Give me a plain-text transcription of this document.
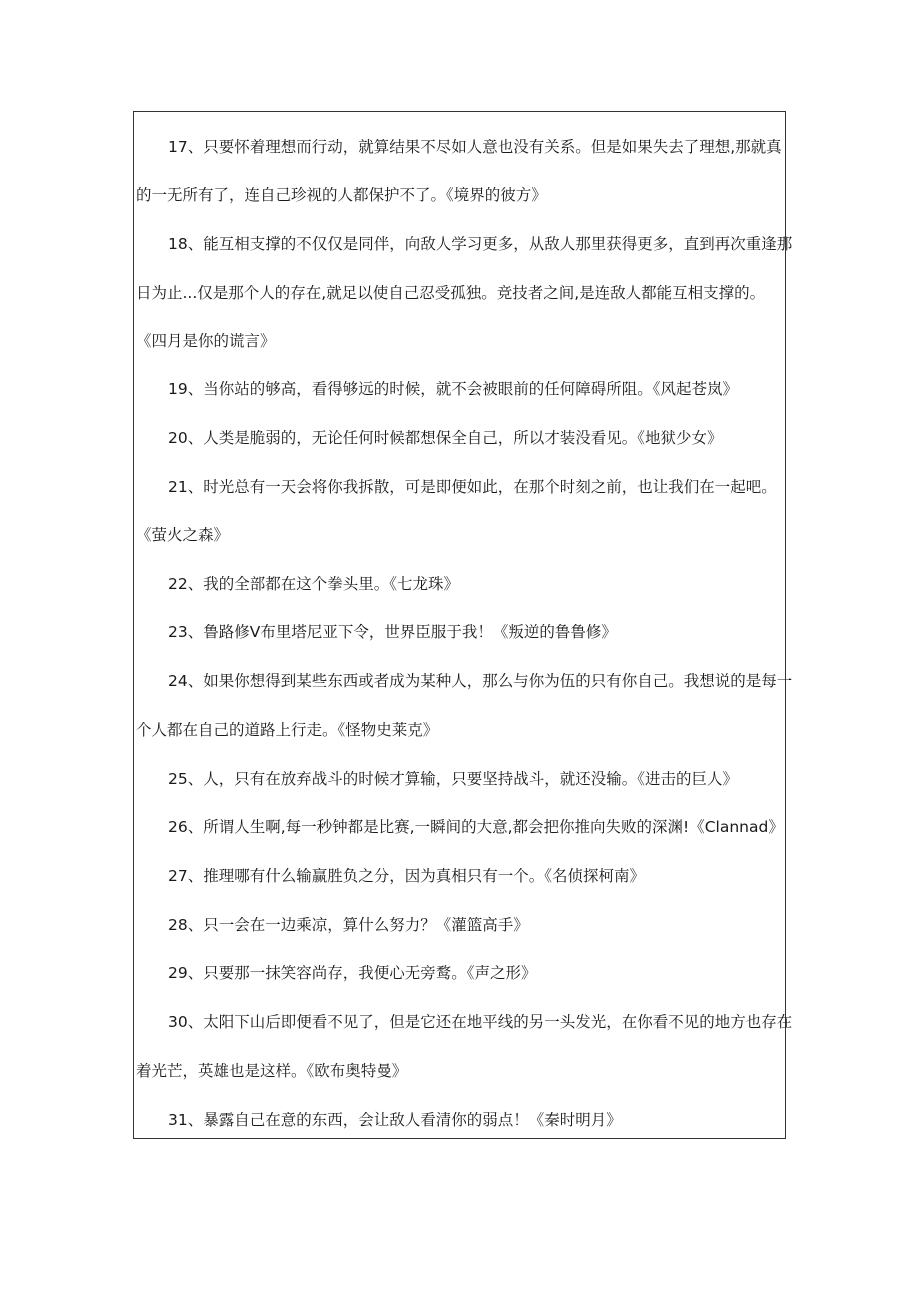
17、只要怀着理想而行动，就算结果不尽如人意也没有关系。但是如果失去了理想,那就真
的一无所有了，连自己珍视的人都保护不了。《境界的彼方》
18、能互相支撑的不仅仅是同伴，向敌人学习更多，从敌人那里获得更多，直到再次重逢那
日为止...仅是那个人的存在,就足以使自己忍受孤独。竞技者之间,是连敌人都能互相支撑的。
《四月是你的谎言》
19、当你站的够高，看得够远的时候，就不会被眼前的任何障碍所阻。《风起苍岚》
20、人类是脆弱的，无论任何时候都想保全自己，所以才装没看见。《地狱少女》
21、时光总有一天会将你我拆散，可是即便如此，在那个时刻之前，也让我们在一起吧。
《萤火之森》
22、我的全部都在这个拳头里。《七龙珠》
23、鲁路修V布里塔尼亚下令，世界臣服于我！《叛逆的鲁鲁修》
24、如果你想得到某些东西或者成为某种人，那么与你为伍的只有你自己。我想说的是每一
个人都在自己的道路上行走。《怪物史莱克》
25、人，只有在放弃战斗的时候才算输，只要坚持战斗，就还没输。《进击的巨人》
26、所谓人生啊,每一秒钟都是比赛,一瞬间的大意,都会把你推向失败的深渊!《Clannad》
27、推理哪有什么输赢胜负之分，因为真相只有一个。《名侦探柯南》
28、只一会在一边乘凉，算什么努力？《灌篮高手》
29、只要那一抹笑容尚存，我便心无旁鹜。《声之形》
30、太阳下山后即便看不见了，但是它还在地平线的另一头发光，在你看不见的地方也存在
着光芒，英雄也是这样。《欧布奥特曼》
31、暴露自己在意的东西，会让敌人看清你的弱点！《秦时明月》
